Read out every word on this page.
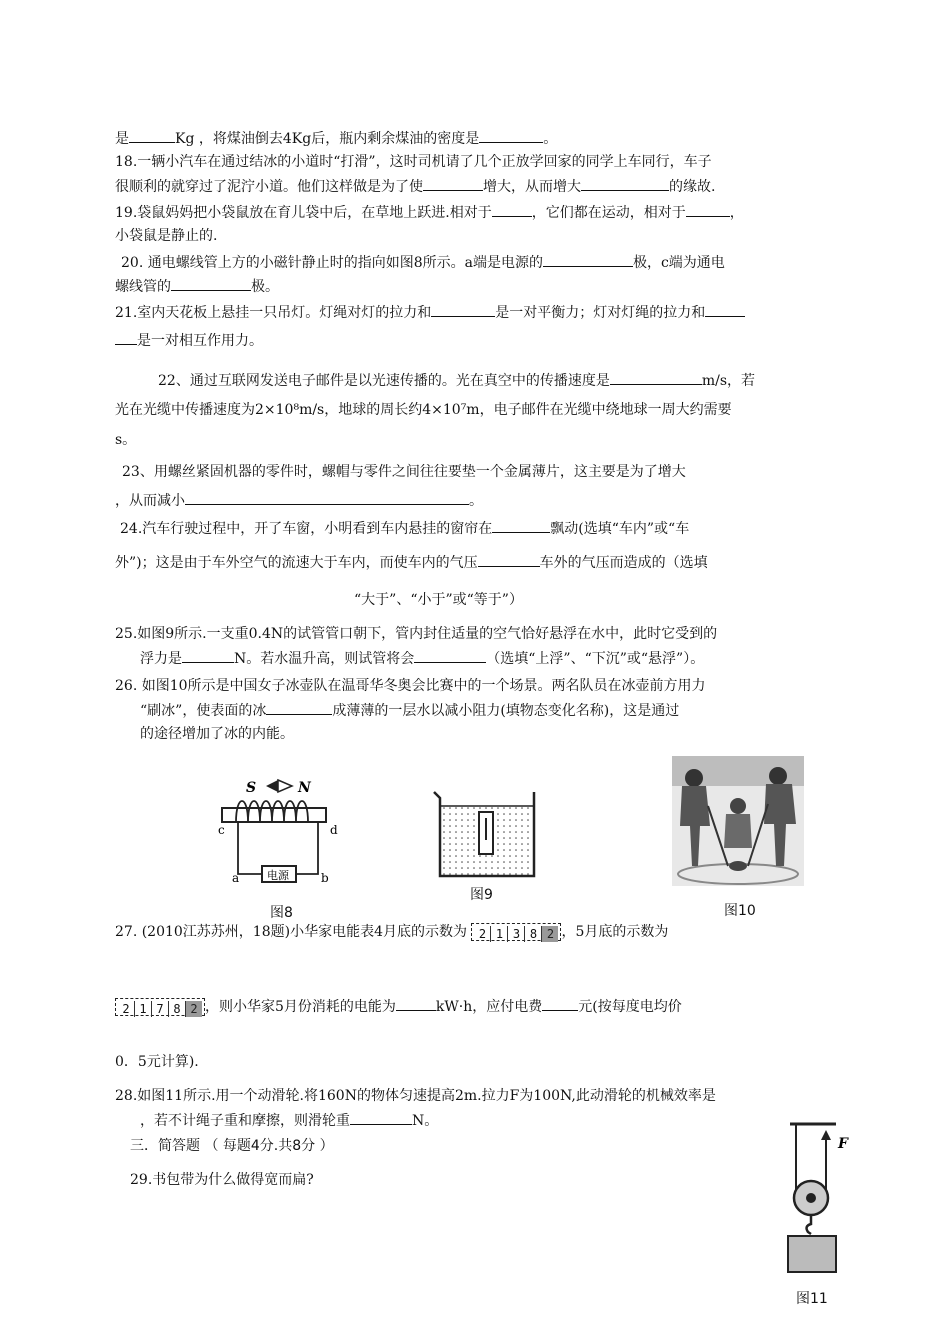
是	Kg ，将煤油倒去4Kg后，瓶内剩余煤油的密度是	。
18.一辆小汽车在通过结冰的小道时“打滑”，这时司机请了几个正放学回家的同学上车同行，车子
很顺利的就穿过了泥泞小道。他们这样做是为了使	增大，从而增大	的缘故.
19.袋鼠妈妈把小袋鼠放在育儿袋中后，在草地上跃进.相对于	，它们都在运动，相对于	，
小袋鼠是静止的.
20. 通电螺线管上方的小磁针静止时的指向如图8所示。a端是电源的	极，c端为通电
螺线管的	极。
21.室内天花板上悬挂一只吊灯。灯绳对灯的拉力和	是一对平衡力；灯对灯绳的拉力和
是一对相互作用力。
22、通过互联网发送电子邮件是以光速传播的。光在真空中的传播速度是	m/s，若
光在光缆中传播速度为2×10⁸m/s，地球的周长约4×10⁷m，电子邮件在光缆中绕地球一周大约需要
s。
23、用螺丝紧固机器的零件时，螺帽与零件之间往往要垫一个金属薄片，这主要是为了增大
，从而减小	。
24.汽车行驶过程中，开了车窗，小明看到车内悬挂的窗帘在	飘动(选填“车内”或“车
外”)；这是由于车外空气的流速大于车内，而使车内的气压	车外的气压而造成的（选填
“大于”、“小于”或“等于”）
25.如图9所示.一支重0.4N的试管管口朝下，管内封住适量的空气恰好悬浮在水中，此时它受到的
浮力是	N。若水温升高，则试管将会	（选填“上浮”、“下沉”或“悬浮”）。
26. 如图10所示是中国女子冰壶队在温哥华冬奥会比赛中的一个场景。两名队员在冰壶前方用力
“刷冰”，使表面的冰	成薄薄的一层水以减小阻力(填物态变化名称)，这是通过
的途径增加了冰的内能。
S	N
c	d
电源
a	b
图8
图9
图10
27. (2010江苏苏州，18题)小华家电能表4月底的示数为 2 1 3 8 2 ，5月底的示数为
2 1 7 8 2 ，则小华家5月份消耗的电能为	kW·h，应付电费	元(按每度电均价
0．5元计算).
28.如图11所示.用一个动滑轮.将160N的物体匀速提高2m.拉力F为100N,此动滑轮的机械效率是
，若不计绳子重和摩擦，则滑轮重	N。
三．简答题 （ 每题4分.共8分 ）
29.书包带为什么做得宽而扁?
F
图11
